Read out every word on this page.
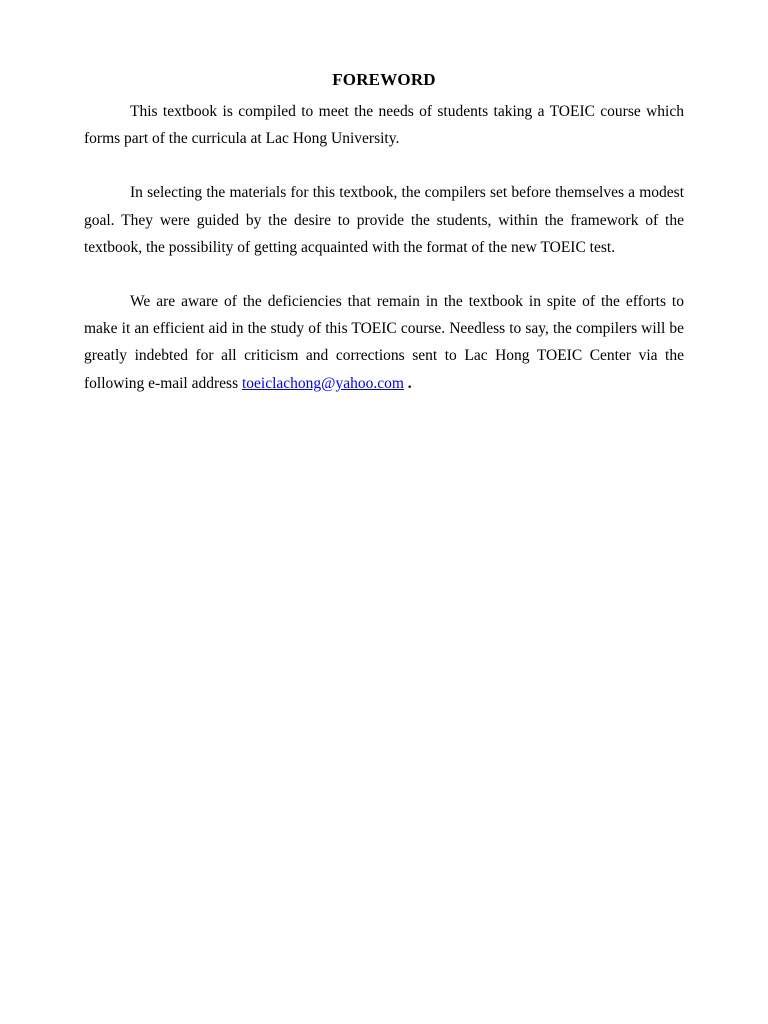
FOREWORD

This textbook is compiled to meet the needs of students taking a TOEIC course which forms part of the curricula at Lac Hong University.

In selecting the materials for this textbook, the compilers set before themselves a modest goal. They were guided by the desire to provide the students, within the framework of the textbook, the possibility of getting acquainted with the format of the new TOEIC test.

We are aware of the deficiencies that remain in the textbook in spite of the efforts to make it an efficient aid in the study of this TOEIC course. Needless to say, the compilers will be greatly indebted for all criticism and corrections sent to Lac Hong TOEIC Center via the following e-mail address toeiclachong@yahoo.com .
